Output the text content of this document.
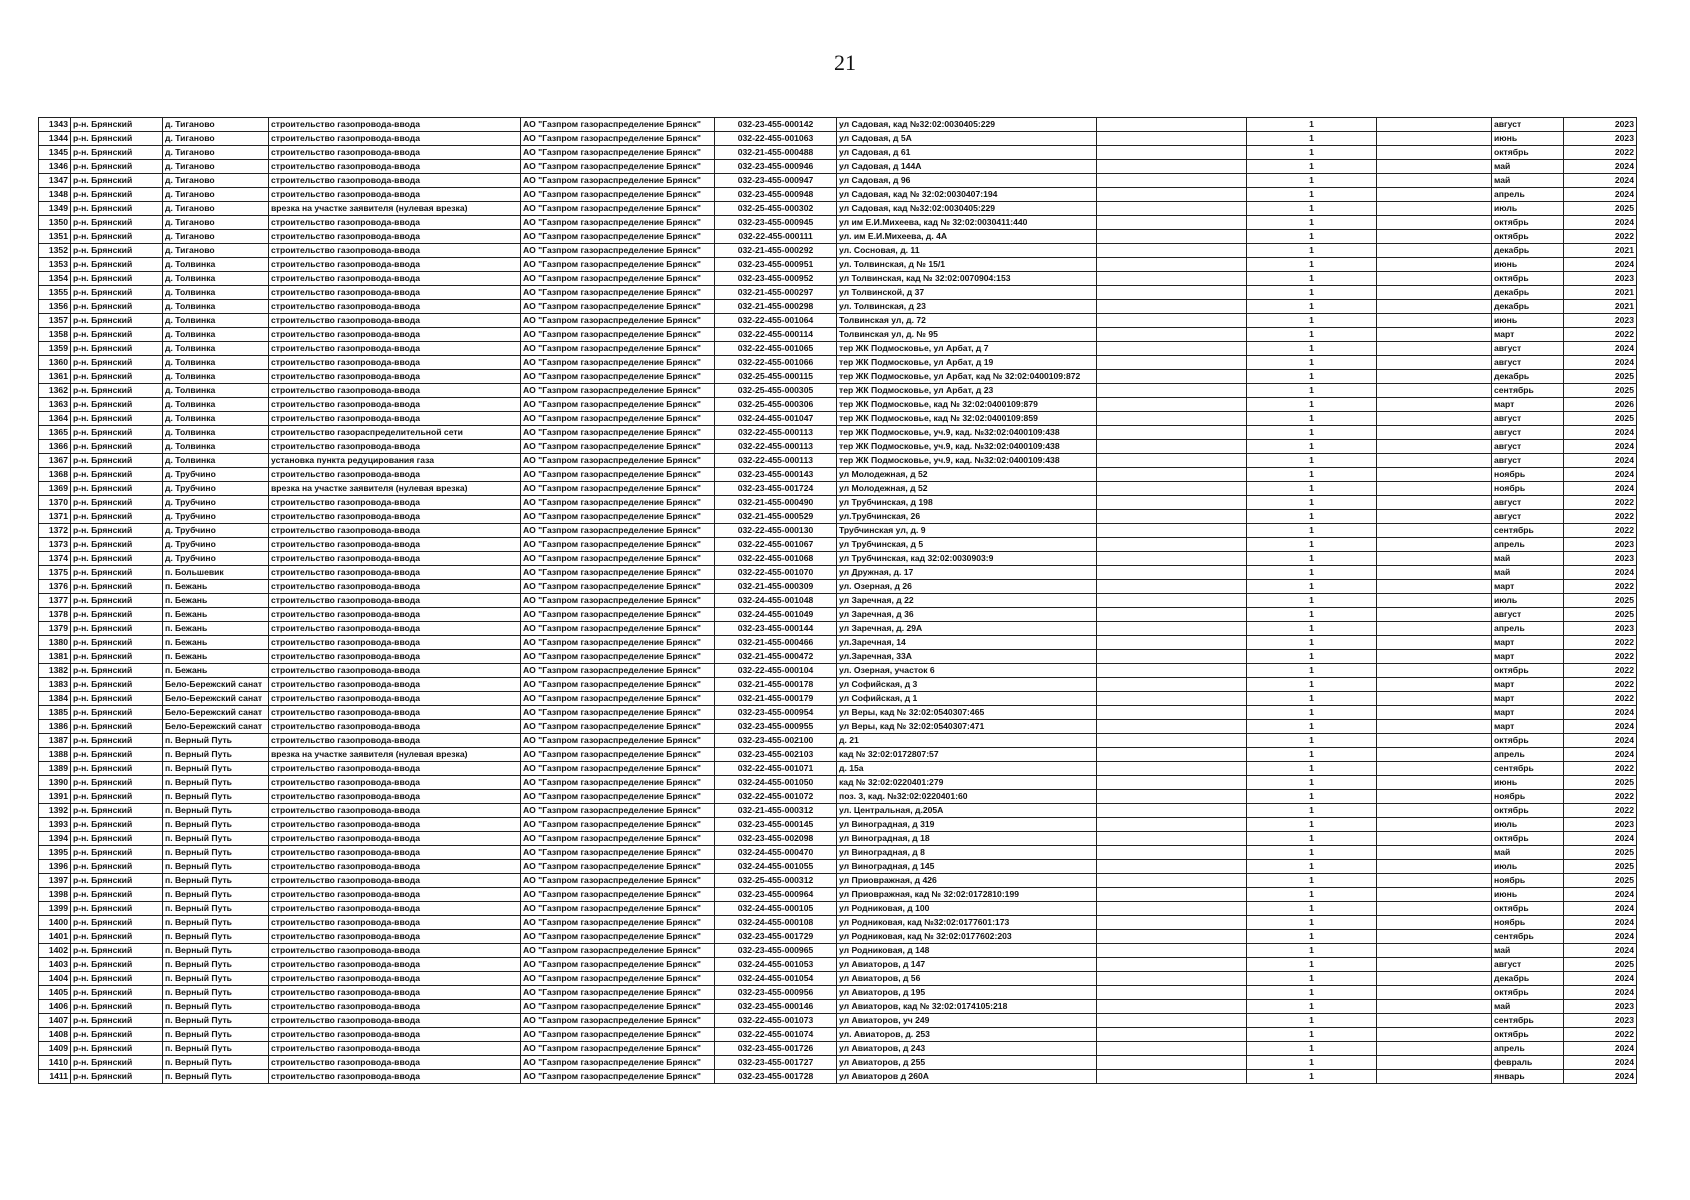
21
1343	р-н. Брянский	д. Тиганово	строительство газопровода-ввода	АО "Газпром газораспределение Брянск"	032-23-455-000142	ул Садовая, кад №32:02:0030405:229		1		август	2023
1344	р-н. Брянский	д. Тиганово	строительство газопровода-ввода	АО "Газпром газораспределение Брянск"	032-22-455-001063	ул Садовая, д 5А		1		июнь	2023
1345	р-н. Брянский	д. Тиганово	строительство газопровода-ввода	АО "Газпром газораспределение Брянск"	032-21-455-000488	ул Садовая, д 61		1		октябрь	2022
1346	р-н. Брянский	д. Тиганово	строительство газопровода-ввода	АО "Газпром газораспределение Брянск"	032-23-455-000946	ул Садовая, д 144А		1		май	2024
1347	р-н. Брянский	д. Тиганово	строительство газопровода-ввода	АО "Газпром газораспределение Брянск"	032-23-455-000947	ул Садовая, д 96		1		май	2024
1348	р-н. Брянский	д. Тиганово	строительство газопровода-ввода	АО "Газпром газораспределение Брянск"	032-23-455-000948	ул Садовая, кад № 32:02:0030407:194		1		апрель	2024
1349	р-н. Брянский	д. Тиганово	врезка на участке заявителя (нулевая врезка)	АО "Газпром газораспределение Брянск"	032-25-455-000302	ул Садовая, кад №32:02:0030405:229		1		июль	2025
1350	р-н. Брянский	д. Тиганово	строительство газопровода-ввода	АО "Газпром газораспределение Брянск"	032-23-455-000945	ул им Е.И.Михеева, кад № 32:02:0030411:440		1		октябрь	2024
1351	р-н. Брянский	д. Тиганово	строительство газопровода-ввода	АО "Газпром газораспределение Брянск"	032-22-455-000111	ул. им Е.И.Михеева, д. 4А		1		октябрь	2022
1352	р-н. Брянский	д. Тиганово	строительство газопровода-ввода	АО "Газпром газораспределение Брянск"	032-21-455-000292	ул. Сосновая, д. 11		1		декабрь	2021
1353	р-н. Брянский	д. Толвинка	строительство газопровода-ввода	АО "Газпром газораспределение Брянск"	032-23-455-000951	ул. Толвинская, д № 15/1		1		июнь	2024
1354	р-н. Брянский	д. Толвинка	строительство газопровода-ввода	АО "Газпром газораспределение Брянск"	032-23-455-000952	ул Толвинская, кад № 32:02:0070904:153		1		октябрь	2023
1355	р-н. Брянский	д. Толвинка	строительство газопровода-ввода	АО "Газпром газораспределение Брянск"	032-21-455-000297	ул Толвинской, д 37		1		декабрь	2021
1356	р-н. Брянский	д. Толвинка	строительство газопровода-ввода	АО "Газпром газораспределение Брянск"	032-21-455-000298	ул. Толвинская, д 23		1		декабрь	2021
1357	р-н. Брянский	д. Толвинка	строительство газопровода-ввода	АО "Газпром газораспределение Брянск"	032-22-455-001064	Толвинская ул, д. 72		1		июнь	2023
1358	р-н. Брянский	д. Толвинка	строительство газопровода-ввода	АО "Газпром газораспределение Брянск"	032-22-455-000114	Толвинская ул, д. № 95		1		март	2022
1359	р-н. Брянский	д. Толвинка	строительство газопровода-ввода	АО "Газпром газораспределение Брянск"	032-22-455-001065	тер ЖК Подмосковье, ул Арбат, д 7		1		август	2024
1360	р-н. Брянский	д. Толвинка	строительство газопровода-ввода	АО "Газпром газораспределение Брянск"	032-22-455-001066	тер ЖК Подмосковье, ул Арбат, д 19		1		август	2024
1361	р-н. Брянский	д. Толвинка	строительство газопровода-ввода	АО "Газпром газораспределение Брянск"	032-25-455-000115	тер ЖК Подмосковье, ул Арбат, кад № 32:02:0400109:872		1		декабрь	2025
1362	р-н. Брянский	д. Толвинка	строительство газопровода-ввода	АО "Газпром газораспределение Брянск"	032-25-455-000305	тер ЖК Подмосковье, ул Арбат, д 23		1		сентябрь	2025
1363	р-н. Брянский	д. Толвинка	строительство газопровода-ввода	АО "Газпром газораспределение Брянск"	032-25-455-000306	тер ЖК Подмосковье, кад № 32:02:0400109:879		1		март	2026
1364	р-н. Брянский	д. Толвинка	строительство газопровода-ввода	АО "Газпром газораспределение Брянск"	032-24-455-001047	тер ЖК Подмосковье, кад № 32:02:0400109:859		1		август	2025
1365	р-н. Брянский	д. Толвинка	строительство газораспределительной сети	АО "Газпром газораспределение Брянск"	032-22-455-000113	тер ЖК Подмосковье, уч.9, кад. №32:02:0400109:438		1		август	2024
1366	р-н. Брянский	д. Толвинка	строительство газопровода-ввода	АО "Газпром газораспределение Брянск"	032-22-455-000113	тер ЖК Подмосковье, уч.9, кад. №32:02:0400109:438		1		август	2024
1367	р-н. Брянский	д. Толвинка	установка пункта редуцирования газа	АО "Газпром газораспределение Брянск"	032-22-455-000113	тер ЖК Подмосковье, уч.9, кад. №32:02:0400109:438		1		август	2024
1368	р-н. Брянский	д. Трубчино	строительство газопровода-ввода	АО "Газпром газораспределение Брянск"	032-23-455-000143	ул Молодежная, д 52		1		ноябрь	2024
1369	р-н. Брянский	д. Трубчино	врезка на участке заявителя (нулевая врезка)	АО "Газпром газораспределение Брянск"	032-23-455-001724	ул Молодежная, д 52		1		ноябрь	2024
1370	р-н. Брянский	д. Трубчино	строительство газопровода-ввода	АО "Газпром газораспределение Брянск"	032-21-455-000490	ул Трубчинская, д 198		1		август	2022
1371	р-н. Брянский	д. Трубчино	строительство газопровода-ввода	АО "Газпром газораспределение Брянск"	032-21-455-000529	ул.Трубчинская, 26		1		август	2022
1372	р-н. Брянский	д. Трубчино	строительство газопровода-ввода	АО "Газпром газораспределение Брянск"	032-22-455-000130	Трубчинская ул, д. 9		1		сентябрь	2022
1373	р-н. Брянский	д. Трубчино	строительство газопровода-ввода	АО "Газпром газораспределение Брянск"	032-22-455-001067	ул Трубчинская, д 5		1		апрель	2023
1374	р-н. Брянский	д. Трубчино	строительство газопровода-ввода	АО "Газпром газораспределение Брянск"	032-22-455-001068	ул Трубчинская, кад 32:02:0030903:9		1		май	2023
1375	р-н. Брянский	п. Большевик	строительство газопровода-ввода	АО "Газпром газораспределение Брянск"	032-22-455-001070	ул Дружная, д. 17		1		май	2024
1376	р-н. Брянский	п. Бежань	строительство газопровода-ввода	АО "Газпром газораспределение Брянск"	032-21-455-000309	ул. Озерная, д 26		1		март	2022
1377	р-н. Брянский	п. Бежань	строительство газопровода-ввода	АО "Газпром газораспределение Брянск"	032-24-455-001048	ул Заречная, д 22		1		июль	2025
1378	р-н. Брянский	п. Бежань	строительство газопровода-ввода	АО "Газпром газораспределение Брянск"	032-24-455-001049	ул Заречная, д 36		1		август	2025
1379	р-н. Брянский	п. Бежань	строительство газопровода-ввода	АО "Газпром газораспределение Брянск"	032-23-455-000144	ул Заречная, д. 29А		1		апрель	2023
1380	р-н. Брянский	п. Бежань	строительство газопровода-ввода	АО "Газпром газораспределение Брянск"	032-21-455-000466	ул.Заречная, 14		1		март	2022
1381	р-н. Брянский	п. Бежань	строительство газопровода-ввода	АО "Газпром газораспределение Брянск"	032-21-455-000472	ул.Заречная, 33А		1		март	2022
1382	р-н. Брянский	п. Бежань	строительство газопровода-ввода	АО "Газпром газораспределение Брянск"	032-22-455-000104	ул. Озерная, участок 6		1		октябрь	2022
1383	р-н. Брянский	Бело-Бережский санат	строительство газопровода-ввода	АО "Газпром газораспределение Брянск"	032-21-455-000178	ул Софийская, д 3		1		март	2022
1384	р-н. Брянский	Бело-Бережский санат	строительство газопровода-ввода	АО "Газпром газораспределение Брянск"	032-21-455-000179	ул Софийская, д 1		1		март	2022
1385	р-н. Брянский	Бело-Бережский санат	строительство газопровода-ввода	АО "Газпром газораспределение Брянск"	032-23-455-000954	ул Веры, кад № 32:02:0540307:465		1		март	2024
1386	р-н. Брянский	Бело-Бережский санат	строительство газопровода-ввода	АО "Газпром газораспределение Брянск"	032-23-455-000955	ул Веры, кад № 32:02:0540307:471		1		март	2024
1387	р-н. Брянский	п. Верный Путь	строительство газопровода-ввода	АО "Газпром газораспределение Брянск"	032-23-455-002100	д. 21		1		октябрь	2024
1388	р-н. Брянский	п. Верный Путь	врезка на участке заявителя (нулевая врезка)	АО "Газпром газораспределение Брянск"	032-23-455-002103	кад № 32:02:0172807:57		1		апрель	2024
1389	р-н. Брянский	п. Верный Путь	строительство газопровода-ввода	АО "Газпром газораспределение Брянск"	032-22-455-001071	д. 15а		1		сентябрь	2022
1390	р-н. Брянский	п. Верный Путь	строительство газопровода-ввода	АО "Газпром газораспределение Брянск"	032-24-455-001050	кад № 32:02:0220401:279		1		июнь	2025
1391	р-н. Брянский	п. Верный Путь	строительство газопровода-ввода	АО "Газпром газораспределение Брянск"	032-22-455-001072	поз. 3, кад. №32:02:0220401:60		1		ноябрь	2022
1392	р-н. Брянский	п. Верный Путь	строительство газопровода-ввода	АО "Газпром газораспределение Брянск"	032-21-455-000312	ул. Центральная, д.205А		1		октябрь	2022
1393	р-н. Брянский	п. Верный Путь	строительство газопровода-ввода	АО "Газпром газораспределение Брянск"	032-23-455-000145	ул Виноградная, д 319		1		июль	2023
1394	р-н. Брянский	п. Верный Путь	строительство газопровода-ввода	АО "Газпром газораспределение Брянск"	032-23-455-002098	ул Виноградная, д 18		1		октябрь	2024
1395	р-н. Брянский	п. Верный Путь	строительство газопровода-ввода	АО "Газпром газораспределение Брянск"	032-24-455-000470	ул Виноградная, д 8		1		май	2025
1396	р-н. Брянский	п. Верный Путь	строительство газопровода-ввода	АО "Газпром газораспределение Брянск"	032-24-455-001055	ул Виноградная, д 145		1		июль	2025
1397	р-н. Брянский	п. Верный Путь	строительство газопровода-ввода	АО "Газпром газораспределение Брянск"	032-25-455-000312	ул Приовражная, д 426		1		ноябрь	2025
1398	р-н. Брянский	п. Верный Путь	строительство газопровода-ввода	АО "Газпром газораспределение Брянск"	032-23-455-000964	ул Приовражная, кад № 32:02:0172810:199		1		июнь	2024
1399	р-н. Брянский	п. Верный Путь	строительство газопровода-ввода	АО "Газпром газораспределение Брянск"	032-24-455-000105	ул Родниковая, д 100		1		октябрь	2024
1400	р-н. Брянский	п. Верный Путь	строительство газопровода-ввода	АО "Газпром газораспределение Брянск"	032-24-455-000108	ул Родниковая, кад №32:02:0177601:173		1		ноябрь	2024
1401	р-н. Брянский	п. Верный Путь	строительство газопровода-ввода	АО "Газпром газораспределение Брянск"	032-23-455-001729	ул Родниковая, кад № 32:02:0177602:203		1		сентябрь	2024
1402	р-н. Брянский	п. Верный Путь	строительство газопровода-ввода	АО "Газпром газораспределение Брянск"	032-23-455-000965	ул Родниковая, д 148		1		май	2024
1403	р-н. Брянский	п. Верный Путь	строительство газопровода-ввода	АО "Газпром газораспределение Брянск"	032-24-455-001053	ул Авиаторов, д 147		1		август	2025
1404	р-н. Брянский	п. Верный Путь	строительство газопровода-ввода	АО "Газпром газораспределение Брянск"	032-24-455-001054	ул Авиаторов, д 56		1		декабрь	2024
1405	р-н. Брянский	п. Верный Путь	строительство газопровода-ввода	АО "Газпром газораспределение Брянск"	032-23-455-000956	ул Авиаторов, д 195		1		октябрь	2024
1406	р-н. Брянский	п. Верный Путь	строительство газопровода-ввода	АО "Газпром газораспределение Брянск"	032-23-455-000146	ул Авиаторов, кад № 32:02:0174105:218		1		май	2023
1407	р-н. Брянский	п. Верный Путь	строительство газопровода-ввода	АО "Газпром газораспределение Брянск"	032-22-455-001073	ул Авиаторов, уч 249		1		сентябрь	2023
1408	р-н. Брянский	п. Верный Путь	строительство газопровода-ввода	АО "Газпром газораспределение Брянск"	032-22-455-001074	ул. Авиаторов, д. 253		1		октябрь	2022
1409	р-н. Брянский	п. Верный Путь	строительство газопровода-ввода	АО "Газпром газораспределение Брянск"	032-23-455-001726	ул Авиаторов, д 243		1		апрель	2024
1410	р-н. Брянский	п. Верный Путь	строительство газопровода-ввода	АО "Газпром газораспределение Брянск"	032-23-455-001727	ул Авиаторов, д 255		1		февраль	2024
1411	р-н. Брянский	п. Верный Путь	строительство газопровода-ввода	АО "Газпром газораспределение Брянск"	032-23-455-001728	ул Авиаторов д 260А		1		январь	2024
